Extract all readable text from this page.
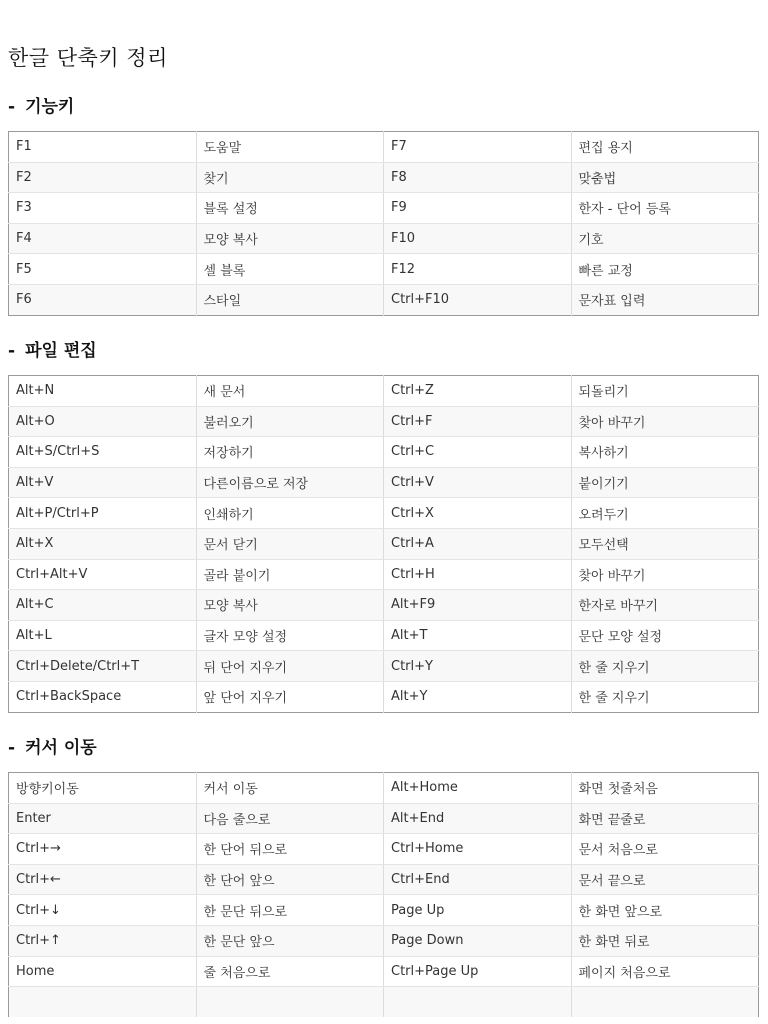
한글 단축키 정리
- 기능키
F1	도움말	F7	편집 용지
F2	찾기	F8	맞춤법
F3	블록 설정	F9	한자 - 단어 등록
F4	모양 복사	F10	기호
F5	셀 블록	F12	빠른 교정
F6	스타일	Ctrl+F10	문자표 입력
- 파일 편집
Alt+N	새 문서	Ctrl+Z	되돌리기
Alt+O	불러오기	Ctrl+F	찾아 바꾸기
Alt+S/Ctrl+S	저장하기	Ctrl+C	복사하기
Alt+V	다른이름으로 저장	Ctrl+V	붙이기기
Alt+P/Ctrl+P	인쇄하기	Ctrl+X	오려두기
Alt+X	문서 닫기	Ctrl+A	모두선택
Ctrl+Alt+V	골라 붙이기	Ctrl+H	찾아 바꾸기
Alt+C	모양 복사	Alt+F9	한자로 바꾸기
Alt+L	글자 모양 설정	Alt+T	문단 모양 설정
Ctrl+Delete/Ctrl+T	뒤 단어 지우기	Ctrl+Y	한 줄 지우기
Ctrl+BackSpace	앞 단어 지우기	Alt+Y	한 줄 지우기
- 커서 이동
방향키이동	커서 이동	Alt+Home	화면 첫줄처음
Enter	다음 줄으로	Alt+End	화면 끝줄로
Ctrl+→	한 단어 뒤으로	Ctrl+Home	문서 처음으로
Ctrl+←	한 단어 앞으	Ctrl+End	문서 끝으로
Ctrl+↓	한 문단 뒤으로	Page Up	한 화면 앞으로
Ctrl+↑	한 문단 앞으	Page Down	한 화면 뒤로
Home	줄 처음으로	Ctrl+Page Up	페이지 처음으로
